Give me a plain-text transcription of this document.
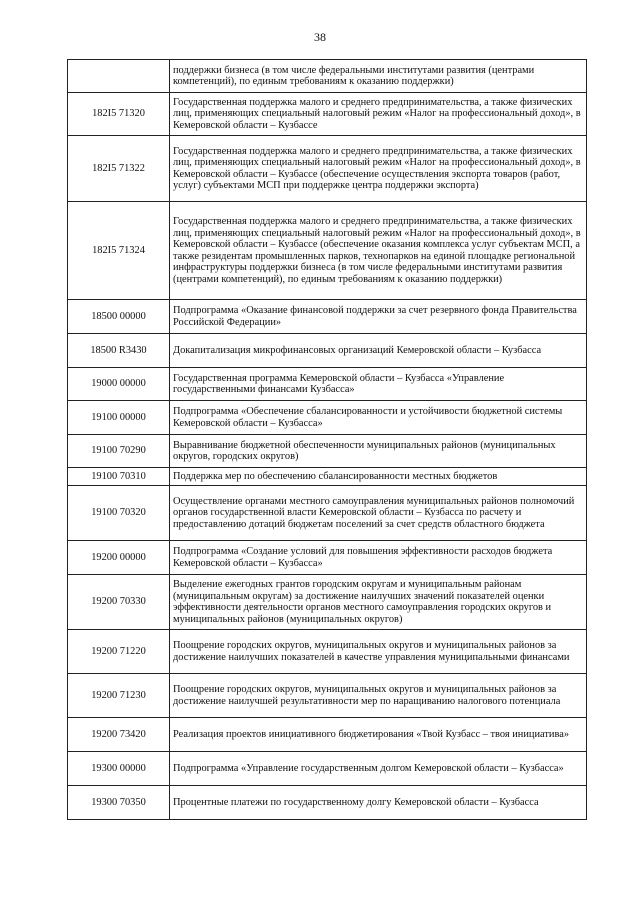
38
	поддержки бизнеса (в том числе федеральными институтами развития (центрами компетенций), по единым требованиям к оказанию поддержки)
182I5 71320	Государственная поддержка малого и среднего предпринимательства, а также физических лиц, применяющих специальный налоговый режим «Налог на профессиональный доход», в Кемеровской области – Кузбассе
182I5 71322	Государственная поддержка малого и среднего предпринимательства, а также физических лиц, применяющих специальный налоговый режим «Налог на профессиональный доход», в Кемеровской области – Кузбассе (обеспечение осуществления экспорта товаров (работ, услуг) субъектами МСП при поддержке центра поддержки экспорта)
182I5 71324	Государственная поддержка малого и среднего предпринимательства, а также физических лиц, применяющих специальный налоговый режим «Налог на профессиональный доход», в Кемеровской области – Кузбассе (обеспечение оказания комплекса услуг субъектам МСП, а также резидентам промышленных парков, технопарков на единой площадке региональной инфраструктуры поддержки бизнеса (в том числе федеральными институтами развития (центрами компетенций), по единым требованиям к оказанию поддержки)
18500 00000	Подпрограмма «Оказание финансовой поддержки за счет резервного фонда Правительства Российской Федерации»
18500 R3430	Докапитализация микрофинансовых организаций Кемеровской области – Кузбасса
19000 00000	Государственная программа Кемеровской области – Кузбасса «Управление государственными финансами Кузбасса»
19100 00000	Подпрограмма «Обеспечение сбалансированности и устойчивости бюджетной системы Кемеровской области – Кузбасса»
19100 70290	Выравнивание бюджетной обеспеченности муниципальных районов (муниципальных округов, городских округов)
19100 70310	Поддержка мер по обеспечению сбалансированности местных бюджетов
19100 70320	Осуществление органами местного самоуправления муниципальных районов полномочий органов государственной власти Кемеровской области – Кузбасса по расчету и предоставлению дотаций бюджетам поселений за счет средств областного бюджета
19200 00000	Подпрограмма «Создание условий для повышения эффективности расходов бюджета Кемеровской области – Кузбасса»
19200 70330	Выделение ежегодных грантов городским округам и муниципальным районам (муниципальным округам) за достижение наилучших значений показателей оценки эффективности деятельности органов местного самоуправления городских округов и муниципальных районов (муниципальных округов)
19200 71220	Поощрение городских округов, муниципальных округов и муниципальных районов за достижение наилучших показателей в качестве управления муниципальными финансами
19200 71230	Поощрение городских округов, муниципальных округов и муниципальных районов за достижение наилучшей результативности мер по наращиванию налогового потенциала
19200 73420	Реализация проектов инициативного бюджетирования «Твой Кузбасс – твоя инициатива»
19300 00000	Подпрограмма «Управление государственным долгом Кемеровской области – Кузбасса»
19300 70350	Процентные платежи по государственному долгу Кемеровской области – Кузбасса
